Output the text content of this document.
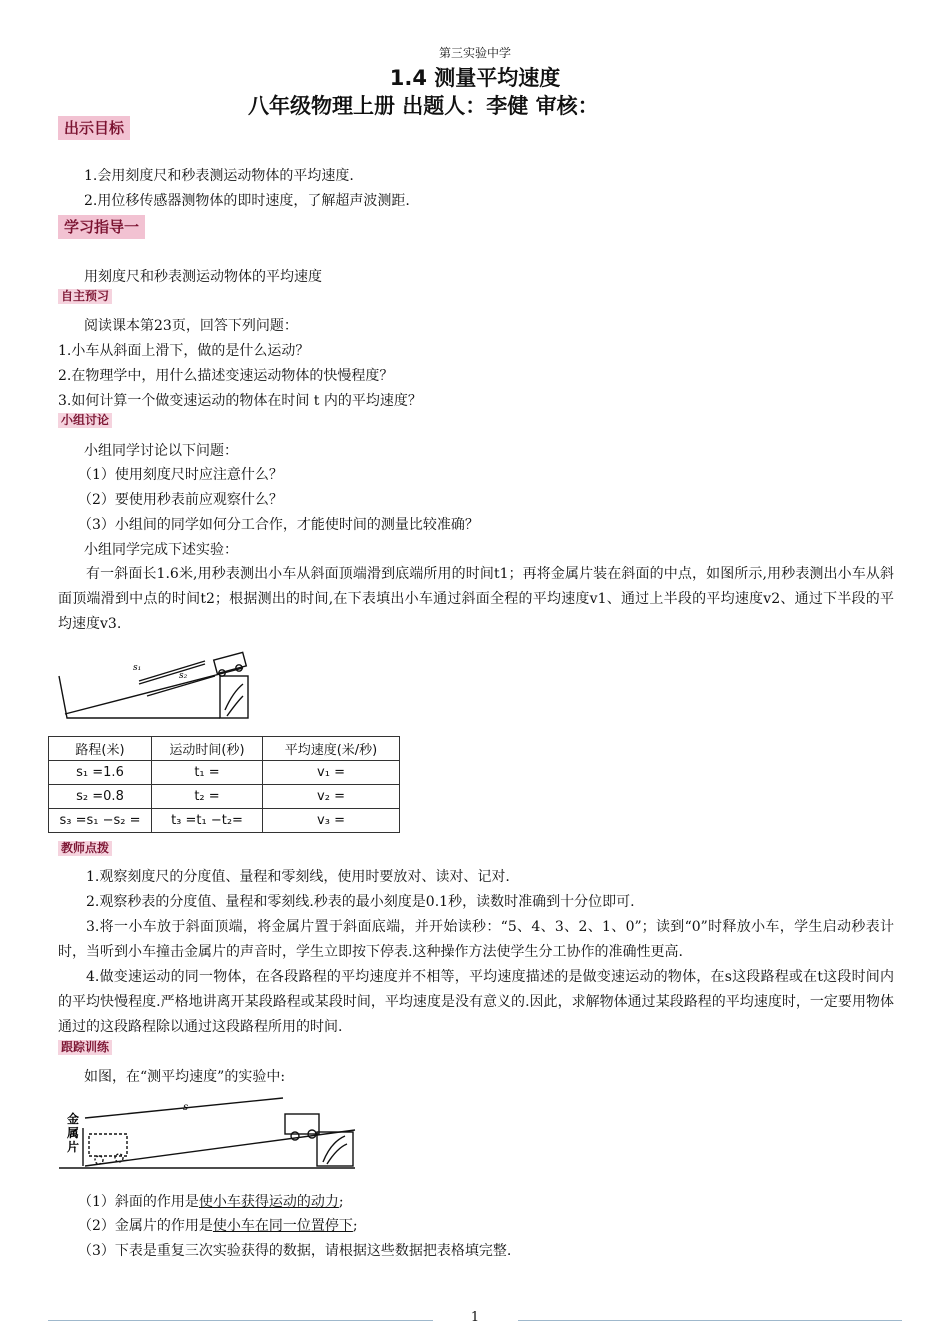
第三实验中学
1.4 测量平均速度
八年级物理上册 出题人：李健 审核：
出示目标
1.会用刻度尺和秒表测运动物体的平均速度.
2.用位移传感器测物体的即时速度，了解超声波测距.
学习指导一
用刻度尺和秒表测运动物体的平均速度
自主预习
阅读课本第23页，回答下列问题：
1.小车从斜面上滑下，做的是什么运动？
2.在物理学中，用什么描述变速运动物体的快慢程度？
3.如何计算一个做变速运动的物体在时间 t 内的平均速度？
小组讨论
小组同学讨论以下问题：
（1）使用刻度尺时应注意什么？
（2）要使用秒表前应观察什么？
（3）小组间的同学如何分工合作，才能使时间的测量比较准确？
小组同学完成下述实验：
有一斜面长1.6米,用秒表测出小车从斜面顶端滑到底端所用的时间t1；再将金属片装在斜面的中点，如图所示,用秒表测出小车从斜面顶端滑到中点的时间t2；根据测出的时间,在下表填出小车通过斜面全程的平均速度v1、通过上半段的平均速度v2、通过下半段的平均速度v3.
s₁
s₂
路程(米)	运动时间(秒)	平均速度(米/秒)
s₁ =1.6	t₁ =	v₁ =
s₂ =0.8	t₂ =	v₂ =
s₃ =s₁ −s₂ =	t₃ =t₁ −t₂=	v₃ =
教师点拨
1.观察刻度尺的分度值、量程和零刻线，使用时要放对、读对、记对.
2.观察秒表的分度值、量程和零刻线.秒表的最小刻度是0.1秒，读数时准确到十分位即可.
3.将一小车放于斜面顶端，将金属片置于斜面底端，并开始读秒：“5、4、3、2、1、0”；读到“0”时释放小车，学生启动秒表计时，当听到小车撞击金属片的声音时，学生立即按下停表.这种操作方法使学生分工协作的准确性更高.
4.做变速运动的同一物体，在各段路程的平均速度并不相等，平均速度描述的是做变速运动的物体，在s这段路程或在t这段时间内的平均快慢程度.严格地讲离开某段路程或某段时间，平均速度是没有意义的.因此，求解物体通过某段路程的平均速度时，一定要用物体通过的这段路程除以通过这段路程所用的时间.
跟踪训练
如图，在“测平均速度”的实验中:
s
金
属
片
（1）斜面的作用是使小车获得运动的动力;
（2）金属片的作用是使小车在同一位置停下;
（3）下表是重复三次实验获得的数据，请根据这些数据把表格填完整.
1
